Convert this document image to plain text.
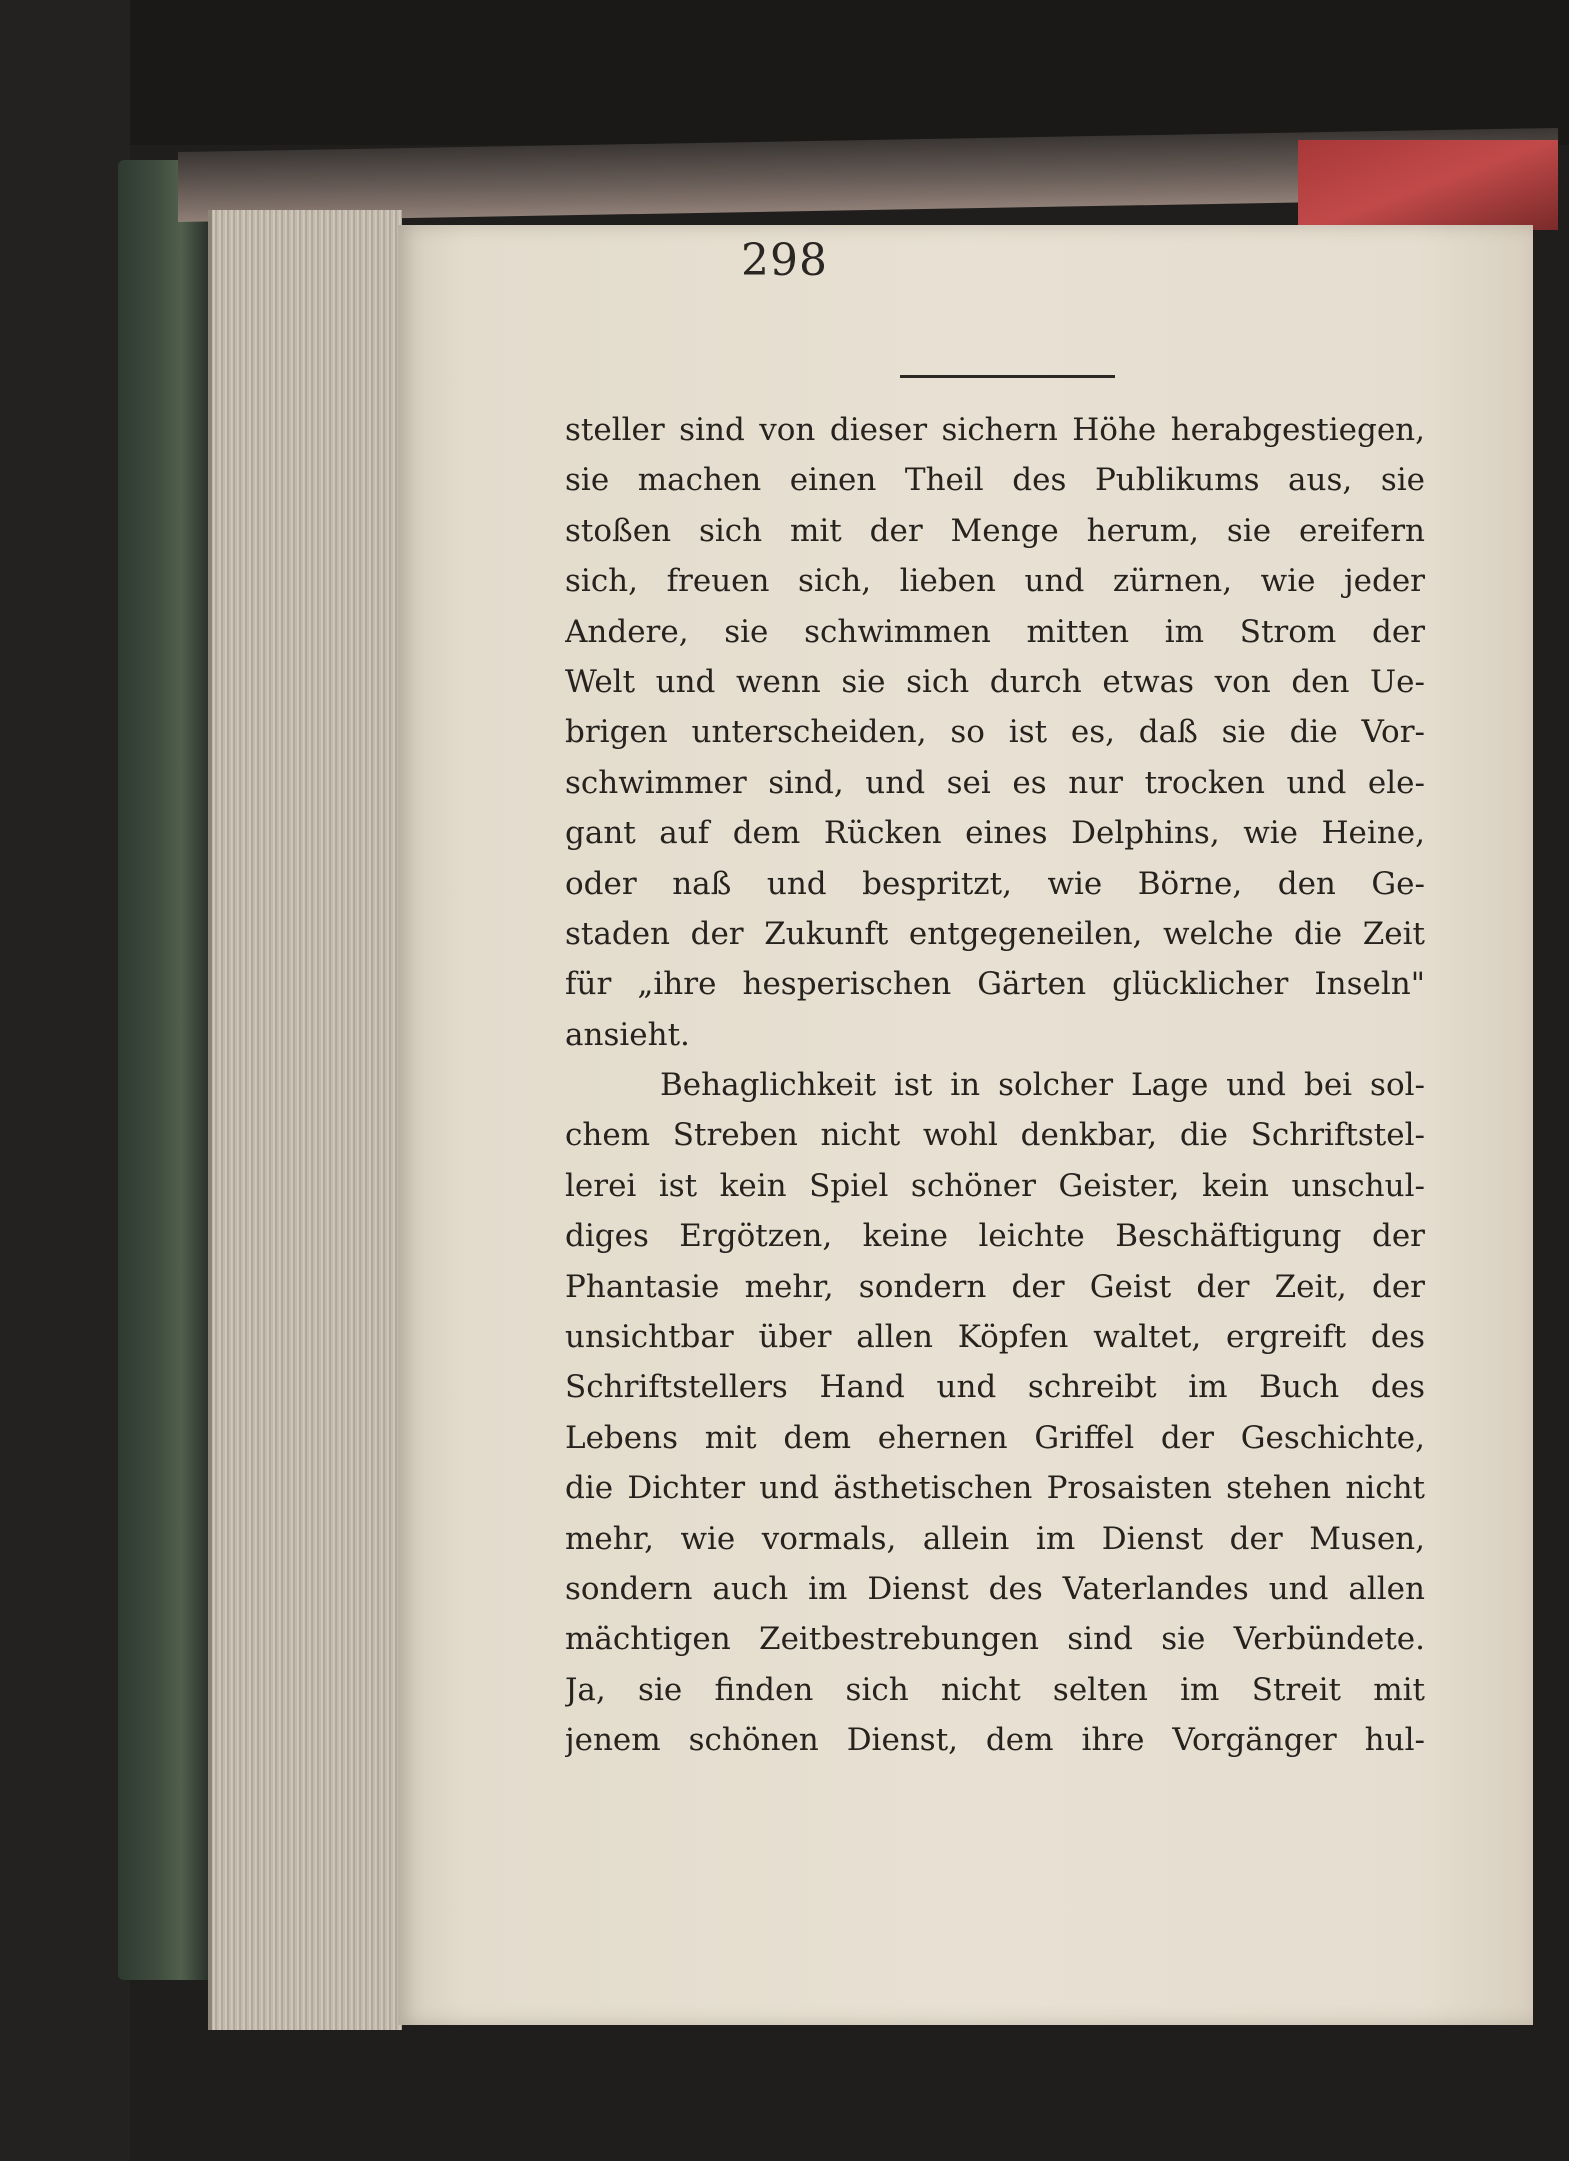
298
steller sind von dieser sichern Höhe herabgestiegen,
sie machen einen Theil des Publikums aus, sie
stoßen sich mit der Menge herum, sie ereifern
sich, freuen sich, lieben und zürnen, wie jeder
Andere, sie schwimmen mitten im Strom der
Welt und wenn sie sich durch etwas von den Ue-
brigen unterscheiden, so ist es, daß sie die Vor-
schwimmer sind, und sei es nur trocken und ele-
gant auf dem Rücken eines Delphins, wie Heine,
oder naß und bespritzt, wie Börne, den Ge-
staden der Zukunft entgegeneilen, welche die Zeit
für „ihre hesperischen Gärten glücklicher Inseln"
ansieht.
Behaglichkeit ist in solcher Lage und bei sol-
chem Streben nicht wohl denkbar, die Schriftstel-
lerei ist kein Spiel schöner Geister, kein unschul-
diges Ergötzen, keine leichte Beschäftigung der
Phantasie mehr, sondern der Geist der Zeit, der
unsichtbar über allen Köpfen waltet, ergreift des
Schriftstellers Hand und schreibt im Buch des
Lebens mit dem ehernen Griffel der Geschichte,
die Dichter und ästhetischen Prosaisten stehen nicht
mehr, wie vormals, allein im Dienst der Musen,
sondern auch im Dienst des Vaterlandes und allen
mächtigen Zeitbestrebungen sind sie Verbündete.
Ja, sie finden sich nicht selten im Streit mit
jenem schönen Dienst, dem ihre Vorgänger hul-
